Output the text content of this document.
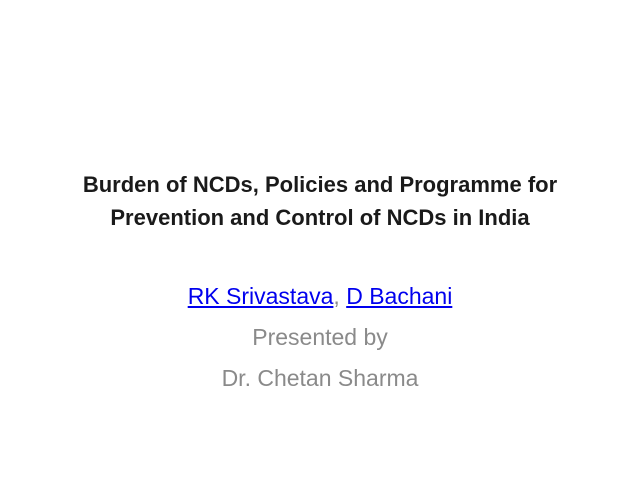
Burden of NCDs, Policies and Programme for
Prevention and Control of NCDs in India
RK Srivastava, D Bachani
Presented by
Dr. Chetan Sharma
